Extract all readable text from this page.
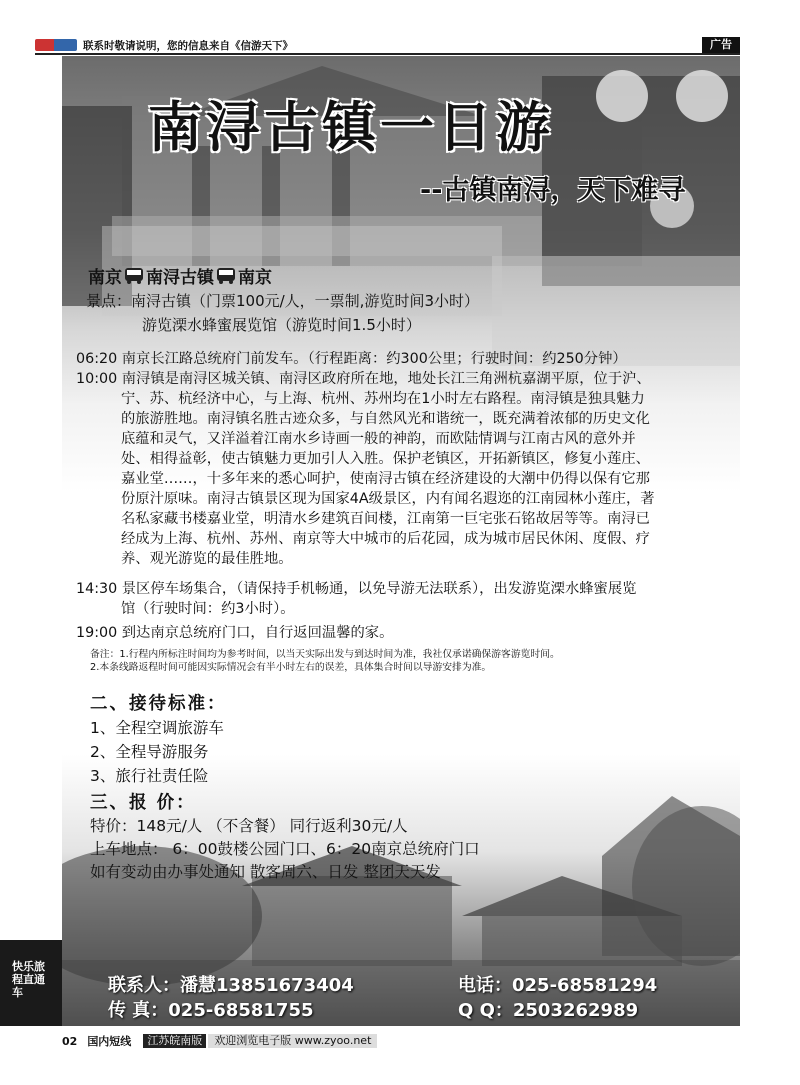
联系时敬请说明，您的信息来自《信游天下》	广告
南浔古镇一日游
--古镇南浔，天下难寻
南京 南浔古镇 南京
景点：南浔古镇（门票100元/人，一票制,游览时间3小时）
游览溧水蜂蜜展览馆（游览时间1.5小时）
06:20 南京长江路总统府门前发车。（行程距离：约300公里；行驶时间：约250分钟）
10:00 南浔镇是南浔区城关镇、南浔区政府所在地，地处长江三角洲杭嘉湖平原，位于沪、
宁、苏、杭经济中心，与上海、杭州、苏州均在1小时左右路程。南浔镇是独具魅力
的旅游胜地。南浔镇名胜古迹众多，与自然风光和谐统一，既充满着浓郁的历史文化
底蕴和灵气，又洋溢着江南水乡诗画一般的神韵，而欧陆情调与江南古风的意外并
处、相得益彰，使古镇魅力更加引人入胜。保护老镇区，开拓新镇区，修复小莲庄、
嘉业堂……，十多年来的悉心呵护，使南浔古镇在经济建设的大潮中仍得以保有它那
份原汁原味。南浔古镇景区现为国家4A级景区，内有闻名遐迩的江南园林小莲庄，著
名私家藏书楼嘉业堂，明清水乡建筑百间楼，江南第一巨宅张石铭故居等等。南浔已
经成为上海、杭州、苏州、南京等大中城市的后花园，成为城市居民休闲、度假、疗
养、观光游览的最佳胜地。
14:30 景区停车场集合，（请保持手机畅通，以免导游无法联系），出发游览溧水蜂蜜展览
馆（行驶时间：约3小时）。
19:00 到达南京总统府门口，自行返回温馨的家。
备注：1.行程内所标注时间均为参考时间，以当天实际出发与到达时间为准，我社仅承诺确保游客游览时间。
2.本条线路返程时间可能因实际情况会有半小时左右的误差，具体集合时间以导游安排为准。
二、接待标准：
1、全程空调旅游车
2、全程导游服务
3、旅行社责任险
三、报 价：
特价：148元/人 （不含餐） 同行返利30元/人
上车地点： 6：00鼓楼公园门口、6：20南京总统府门口
如有变动由办事处通知 散客周六、日发 整团天天发
联系人：潘慧13851673404
传 真：025-68581755
电话：025-68581294
Q Q：2503262989
快乐旅程直通车
02 国内短线	江苏皖南版	欢迎浏览电子版 www.zyoo.net
